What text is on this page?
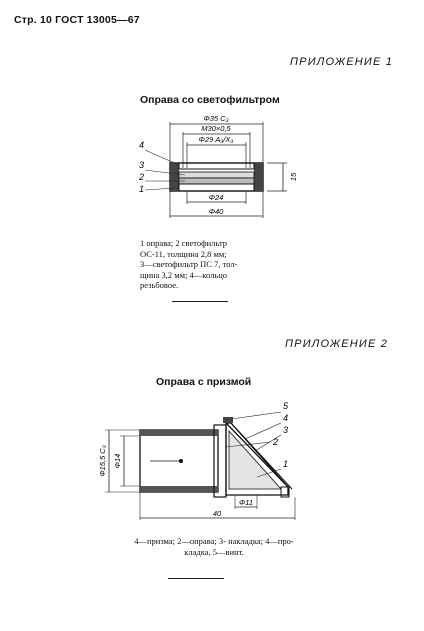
Стр. 10 ГОСТ 13005—67
ПРИЛОЖЕНИЕ 1
Оправа со светофильтром
Φ35 C₃
M30×0,5
Φ29 A₃/X₃
15
4
3
2
1
Φ24
Φ40

1 оправа; 2 светофильтр

ОС-11, толщина 2,8 мм;

3—светофильтр ПС 7, тол-

щина 3,2 мм; 4—кольцо

резьбовое.

ПРИЛОЖЕНИЕ 2
Оправа с призмой
Φ15,5 C₃ Φ14
5
4
2
3
1
Φ11
40

4—призма; 2—оправа; 3- накладка; 4—про-

кладка, 5—винт.
